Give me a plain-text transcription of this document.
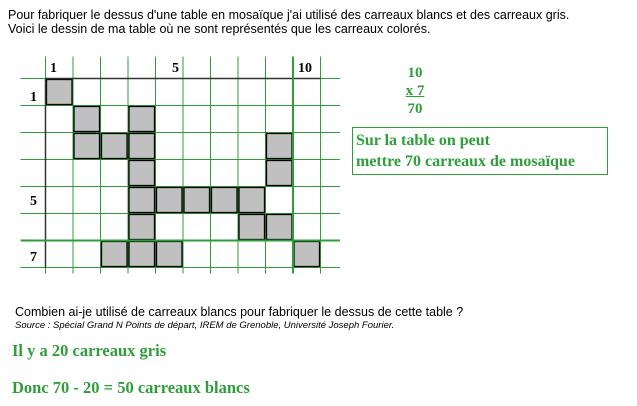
Pour fabriquer le dessus d'une table en mosaïque j'ai utilisé des carreaux blancs et des carreaux gris.
Voici le dessin de ma table où ne sont représentés que les carreaux colorés.
1	5	10
1
5
7
10
x 7
70
Sur la table on peut
mettre 70 carreaux de mosaïque
Combien ai-je utilisé de carreaux blancs pour fabriquer le dessus de cette table ?
Source : Spécial Grand N Points de départ, IREM de Grenoble, Université Joseph Fourier.
Il y a 20 carreaux gris
Donc 70 - 20 = 50 carreaux blancs
